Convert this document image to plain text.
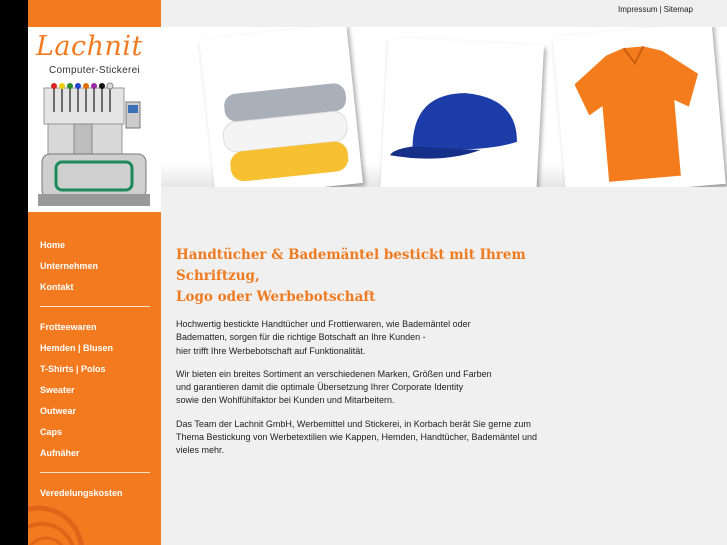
Lachnit
Computer-Stickerei
Home
Unternehmen
Kontakt
Frotteewaren
Hemden | Blusen
T-Shirts | Polos
Sweater
Outwear
Caps
Aufnäher
Veredelungskosten
Impressum | Sitemap
Handtücher & Bademäntel bestickt mit Ihrem Schriftzug,
Logo oder Werbebotschaft

Hochwertig bestickte Handtücher und Frottierwaren, wie Bademäntel oder
Badematten, sorgen für die richtige Botschaft an Ihre Kunden -
hier trifft Ihre Werbebotschaft auf Funktionalität.

Wir bieten ein breites Sortiment an verschiedenen Marken, Größen und Farben
und garantieren damit die optimale Übersetzung Ihrer Corporate Identity
sowie den Wohlfühlfaktor bei Kunden und Mitarbeitern.

Das Team der Lachnit GmbH, Werbemittel und Stickerei, in Korbach berät Sie gerne zum
Thema Bestickung von Werbetextilien wie Kappen, Hemden, Handtücher, Bademäntel und
vieles mehr.
